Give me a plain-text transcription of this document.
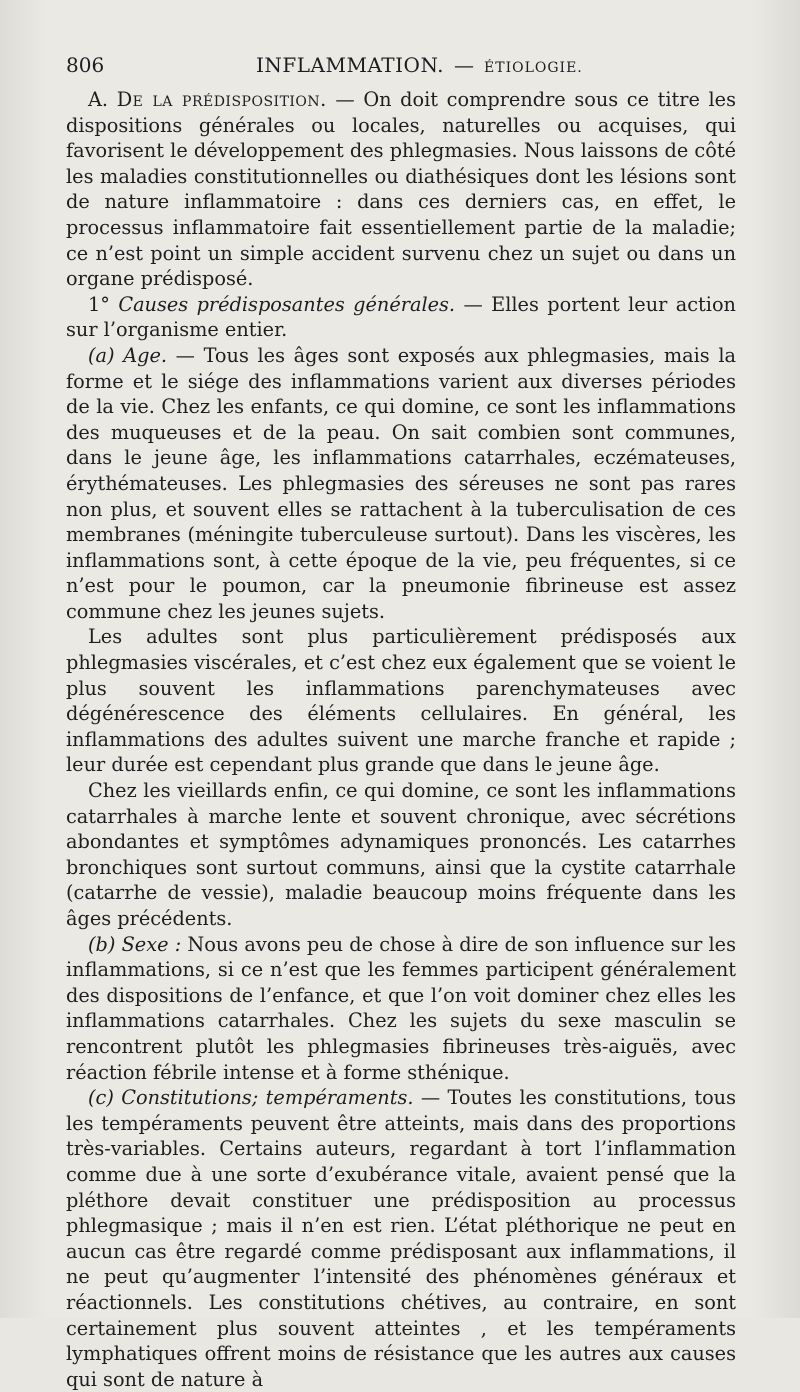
806	INFLAMMATION. — ÉTIOLOGIE.

A. De la prédisposition. — On doit comprendre sous ce titre les dispositions générales ou locales, naturelles ou acquises, qui favorisent le développement des phlegmasies. Nous laissons de côté les maladies constitutionnelles ou diathésiques dont les lésions sont de nature inflammatoire : dans ces derniers cas, en effet, le processus inflammatoire fait essentiellement partie de la maladie; ce n’est point un simple accident survenu chez un sujet ou dans un organe prédisposé.

1° Causes prédisposantes générales. — Elles portent leur action sur l’organisme entier.

(a) Age. — Tous les âges sont exposés aux phlegmasies, mais la forme et le siége des inflammations varient aux diverses périodes de la vie. Chez les enfants, ce qui domine, ce sont les inflammations des muqueuses et de la peau. On sait combien sont communes, dans le jeune âge, les inflammations catarrhales, eczémateuses, érythémateuses. Les phlegmasies des séreuses ne sont pas rares non plus, et souvent elles se rattachent à la tuberculisation de ces membranes (méningite tuberculeuse surtout). Dans les viscères, les inflammations sont, à cette époque de la vie, peu fréquentes, si ce n’est pour le poumon, car la pneumonie fibrineuse est assez commune chez les jeunes sujets.

Les adultes sont plus particulièrement prédisposés aux phlegmasies viscérales, et c’est chez eux également que se voient le plus souvent les inflammations parenchymateuses avec dégénérescence des éléments cellulaires. En général, les inflammations des adultes suivent une marche franche et rapide ; leur durée est cependant plus grande que dans le jeune âge.

Chez les vieillards enfin, ce qui domine, ce sont les inflammations catarrhales à marche lente et souvent chronique, avec sécrétions abondantes et symptômes adynamiques prononcés. Les catarrhes bronchiques sont surtout communs, ainsi que la cystite catarrhale (catarrhe de vessie), maladie beaucoup moins fréquente dans les âges précédents.

(b) Sexe : Nous avons peu de chose à dire de son influence sur les inflammations, si ce n’est que les femmes participent généralement des dispositions de l’enfance, et que l’on voit dominer chez elles les inflammations catarrhales. Chez les sujets du sexe masculin se rencontrent plutôt les phlegmasies fibrineuses très-aiguës, avec réaction fébrile intense et à forme sthénique.

(c) Constitutions; tempéraments. — Toutes les constitutions, tous les tempéraments peuvent être atteints, mais dans des proportions très-variables. Certains auteurs, regardant à tort l’inflammation comme due à une sorte d’exubérance vitale, avaient pensé que la pléthore devait constituer une prédisposition au processus phlegmasique ; mais il n’en est rien. L’état pléthorique ne peut en aucun cas être regardé comme prédisposant aux inflammations, il ne peut qu’augmenter l’intensité des phénomènes généraux et réactionnels. Les constitutions chétives, au contraire, en sont certainement plus souvent atteintes , et les tempéraments lymphatiques offrent moins de résistance que les autres aux causes qui sont de nature à
